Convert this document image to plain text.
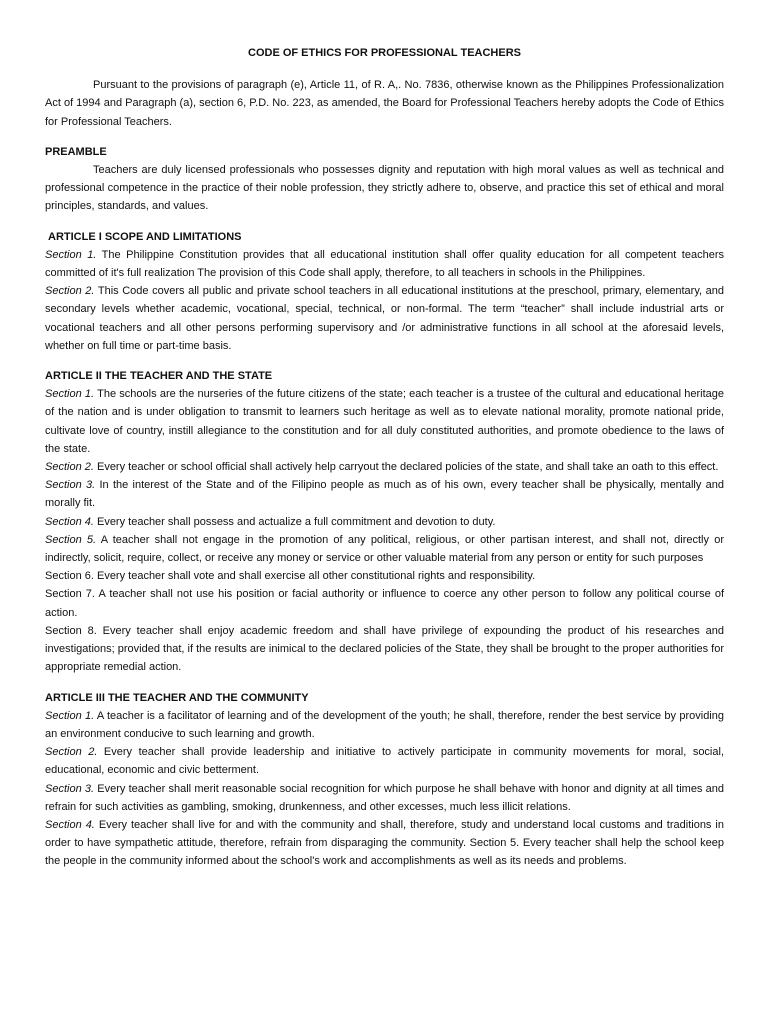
CODE OF ETHICS FOR PROFESSIONAL TEACHERS

Pursuant to the provisions of paragraph (e), Article 11, of R. A,. No. 7836, otherwise known as the Philippines Professionalization Act of 1994 and Paragraph (a), section 6, P.D. No. 223, as amended, the Board for Professional Teachers hereby adopts the Code of Ethics for Professional Teachers.

PREAMBLE

Teachers are duly licensed professionals who possesses dignity and reputation with high moral values as well as technical and professional competence in the practice of their noble profession, they strictly adhere to, observe, and practice this set of ethical and moral principles, standards, and values.

ARTICLE I SCOPE AND LIMITATIONS

Section 1. The Philippine Constitution provides that all educational institution shall offer quality education for all competent teachers committed of it's full realization The provision of this Code shall apply, therefore, to all teachers in schools in the Philippines.

Section 2. This Code covers all public and private school teachers in all educational institutions at the preschool, primary, elementary, and secondary levels whether academic, vocational, special, technical, or non-formal. The term “teacher” shall include industrial arts or vocational teachers and all other persons performing supervisory and /or administrative functions in all school at the aforesaid levels, whether on full time or part-time basis.

ARTICLE II THE TEACHER AND THE STATE

Section 1. The schools are the nurseries of the future citizens of the state; each teacher is a trustee of the cultural and educational heritage of the nation and is under obligation to transmit to learners such heritage as well as to elevate national morality, promote national pride, cultivate love of country, instill allegiance to the constitution and for all duly constituted authorities, and promote obedience to the laws of the state.

Section 2. Every teacher or school official shall actively help carryout the declared policies of the state, and shall take an oath to this effect.

Section 3. In the interest of the State and of the Filipino people as much as of his own, every teacher shall be physically, mentally and morally fit.

Section 4. Every teacher shall possess and actualize a full commitment and devotion to duty.

Section 5. A teacher shall not engage in the promotion of any political, religious, or other partisan interest, and shall not, directly or indirectly, solicit, require, collect, or receive any money or service or other valuable material from any person or entity for such purposes

Section 6. Every teacher shall vote and shall exercise all other constitutional rights and responsibility.

Section 7. A teacher shall not use his position or facial authority or influence to coerce any other person to follow any political course of action.

Section 8. Every teacher shall enjoy academic freedom and shall have privilege of expounding the product of his researches and investigations; provided that, if the results are inimical to the declared policies of the State, they shall be brought to the proper authorities for appropriate remedial action.

ARTICLE III THE TEACHER AND THE COMMUNITY

Section 1. A teacher is a facilitator of learning and of the development of the youth; he shall, therefore, render the best service by providing an environment conducive to such learning and growth.

Section 2. Every teacher shall provide leadership and initiative to actively participate in community movements for moral, social, educational, economic and civic betterment.

Section 3. Every teacher shall merit reasonable social recognition for which purpose he shall behave with honor and dignity at all times and refrain for such activities as gambling, smoking, drunkenness, and other excesses, much less illicit relations.

Section 4. Every teacher shall live for and with the community and shall, therefore, study and understand local customs and traditions in order to have sympathetic attitude, therefore, refrain from disparaging the community. Section 5. Every teacher shall help the school keep the people in the community informed about the school's work and accomplishments as well as its needs and problems.
